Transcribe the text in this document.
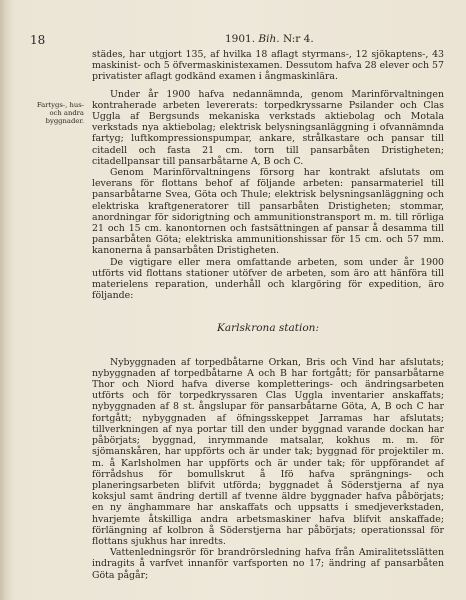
18	1901. Bih. N:r 4.
Fartygs-, hus-
och andra
byggnader.

städes, har utgjort 135, af hvilka 18 aflagt styrmans-, 12 sjökaptens-, 43 maskinist- och 5 öfvermaskinistexamen. Dessutom hafva 28 elever och 57 privatister aflagt godkänd examen i ångmaskinlära.

Under år 1900 hafva nedannämnda, genom Marinförvaltningen kontraherade arbeten levererats: torpedkryssarne Psilander och Clas Uggla af Bergsunds mekaniska verkstads aktiebolag och Motala verkstads nya aktiebolag; elektrisk belysningsanläggning i ofvannämnda fartyg; luftkompressionspumpar, ankare, strålkastare och pansar till citadell och fasta 21 cm. torn till pansarbåten Dristigheten; citadellpansar till pansarbåtarne A, B och C.

Genom Marinförvaltningens försorg har kontrakt afslutats om leverans för flottans behof af följande arbeten: pansarmateriel till pansarbåtarne Svea, Göta och Thule; elektrisk belysningsanläggning och elektriska kraftgeneratorer till pansarbåten Dristigheten; stommar, anordningar för sidorigtning och ammunitionstransport m. m. till rörliga 21 och 15 cm. kanontornen och fastsättningen af pansar å desamma till pansarbåten Göta; elektriska ammunitionshissar för 15 cm. och 57 mm. kanonerna å pansarbåten Dristigheten.

De vigtigare eller mera omfattande arbeten, som under år 1900 utförts vid flottans stationer utöfver de arbeten, som äro att hänföra till materielens reparation, underhåll och klargöring för expedition, äro följande:

Karlskrona station:

Nybyggnaden af torpedbåtarne Orkan, Bris och Vind har afslutats; nybyggnaden af torpedbåtarne A och B har fortgått; för pansarbåtarne Thor och Niord hafva diverse kompletterings- och ändringsarbeten utförts och för torpedkryssaren Clas Uggla inventarier anskaffats; nybyggnaden af 8 st. ångslupar för pansarbåtarne Göta, A, B och C har fortgått; nybyggnaden af öfningsskeppet Jarramas har afslutats; tillverkningen af nya portar till den under byggnad varande dockan har påbörjats; byggnad, inrymmande matsalar, kokhus m. m. för sjömanskåren, har uppförts och är under tak; byggnad för projektiler m. m. å Karlsholmen har uppförts och är under tak; för uppförandet af förrådshus för bomullskrut å Ifö hafva sprängnings- och planeringsarbeten blifvit utförda; byggnadet å Söderstjerna af nya koksjul samt ändring dertill af tvenne äldre byggnader hafva påbörjats; en ny änghammare har anskaffats och uppsatts i smedjeverkstaden, hvarjemte åtskilliga andra arbetsmaskiner hafva blifvit anskaffade; förlängning af kolbron å Söderstjerna har påbörjats; operationssal för flottans sjukhus har inredts.

Vattenledningsrör för brandrörsledning hafva från Amiralitetsslätten indragits å varfvet innanför varfsporten no 17; ändring af pansarbåten Göta pågår;
